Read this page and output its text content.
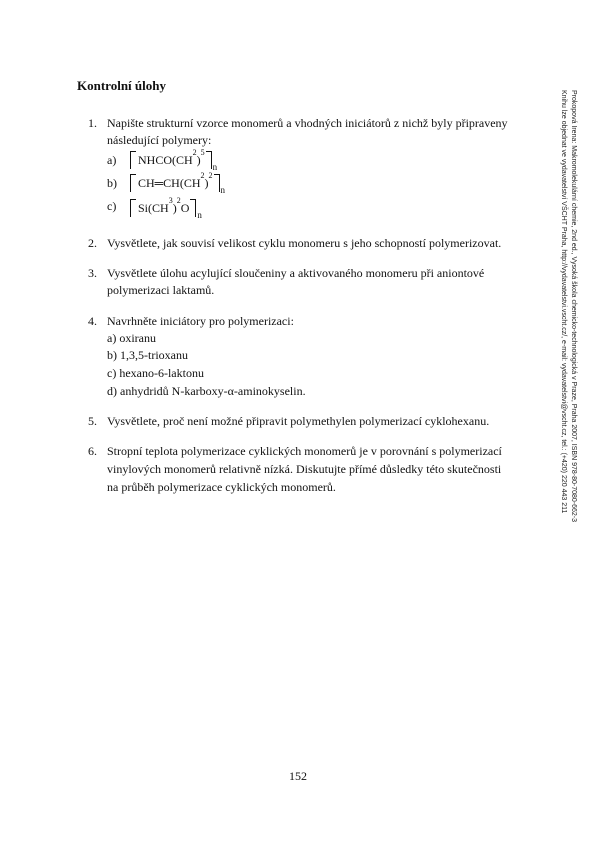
Kontrolní úlohy
1. Napište strukturní vzorce monomerů a vhodných iniciátorů z nichž byly připraveny
následující polymery:
a) NHCO(CH
2
)
5
n
b) CH═CH(CH
2
)
2
n
c) Si(CH
3
)
2
O n
2. Vysvětlete, jak souvisí velikost cyklu monomeru s jeho schopností polymerizovat.
3. Vysvětlete úlohu acylující sloučeniny a aktivovaného monomeru při aniontové
polymerizaci laktamů.
4. Navrhněte iniciátory pro polymerizaci:
a) oxiranu
b) 1,3,5-trioxanu
c) hexano-6-laktonu
d) anhydridů N-karboxy-α-aminokyselin.
5. Vysvětlete, proč není možné připravit polymethylen polymerizací cyklohexanu.
6. Stropní teplota polymerizace cyklických monomerů je v porovnání s polymerizací
vinylových monomerů relativně nízká. Diskutujte přímé důsledky této skutečnosti
na průběh polymerizace cyklických monomerů.
152
Prokopová Irena: Makromolekulární chemie, 2nd ed., Vysoká škola chemicko-technologická v Praze, Praha 2007, ISBN 978-80-7080-662-3
Knihu lze objednat ve vydavatelství VŠCHT Praha, http://vydavatelstvi.vscht.cz/, e-mail: vydavatelstvi@vscht.cz, tel.: (+420) 220 443 211
